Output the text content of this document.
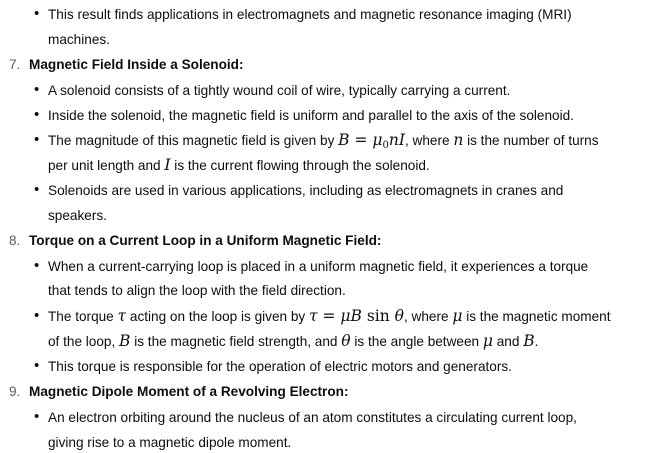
• This result finds applications in electromagnets and magnetic resonance imaging (MRI)
machines.
7. Magnetic Field Inside a Solenoid:
• A solenoid consists of a tightly wound coil of wire, typically carrying a current.
• Inside the solenoid, the magnetic field is uniform and parallel to the axis of the solenoid.
• The magnitude of this magnetic field is given by $B = \mu_0nI$, where n is the number of turns
per unit length and I is the current flowing through the solenoid.
• Solenoids are used in various applications, including as electromagnets in cranes and
speakers.
8. Torque on a Current Loop in a Uniform Magnetic Field:
• When a current-carrying loop is placed in a uniform magnetic field, it experiences a torque
that tends to align the loop with the field direction.
• The torque τ acting on the loop is given by τ = μB sin θ, where μ is the magnetic moment
of the loop, B is the magnetic field strength, and θ is the angle between μ and B.
• This torque is responsible for the operation of electric motors and generators.
9. Magnetic Dipole Moment of a Revolving Electron:
• An electron orbiting around the nucleus of an atom constitutes a circulating current loop,
giving rise to a magnetic dipole moment.
